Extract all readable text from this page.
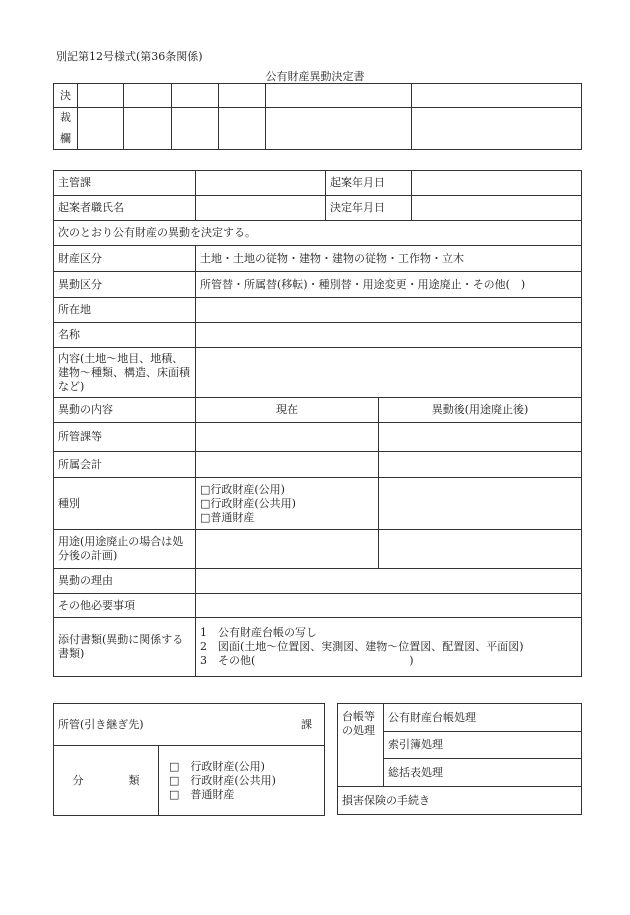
別記第12号様式(第36条関係)
公有財産異動決定書
決						
裁						
欄						
主管課		起案年月日		
起案者職氏名		決定年月日		
次のとおり公有財産の異動を決定する。				
財産区分	土地・土地の従物・建物・建物の従物・工作物・立木			
異動区分	所管替・所属替(移転)・種別替・用途変更・用途廃止・その他(　)			
所在地				
名称				
内容(土地～地目、地積、建物～種類、構造、床面積など)				
異動の内容	現在		異動後(用途廃止後)	
所管課等				
所属会計				
種別	□行政財産(公用)
□行政財産(公共用)
□普通財産			

用途(用途廃止の場合は処分後の計画)				
異動の理由				
その他必要事項				
添付書類(異動に関係する書類)	1　公有財産台帳の写し
2　図面(土地～位置図、実測図、建物～位置図、配置図、平面図)
3　その他(　　　　　　　　　　　　　　)			
所管(引き継ぎ先)	課

分	類	
□　行政財産(公用)
□　行政財産(公共用)
□　普通財産
台帳等の処理	公有財産台帳処理
索引簿処理
総括表処理
損害保険の手続き
